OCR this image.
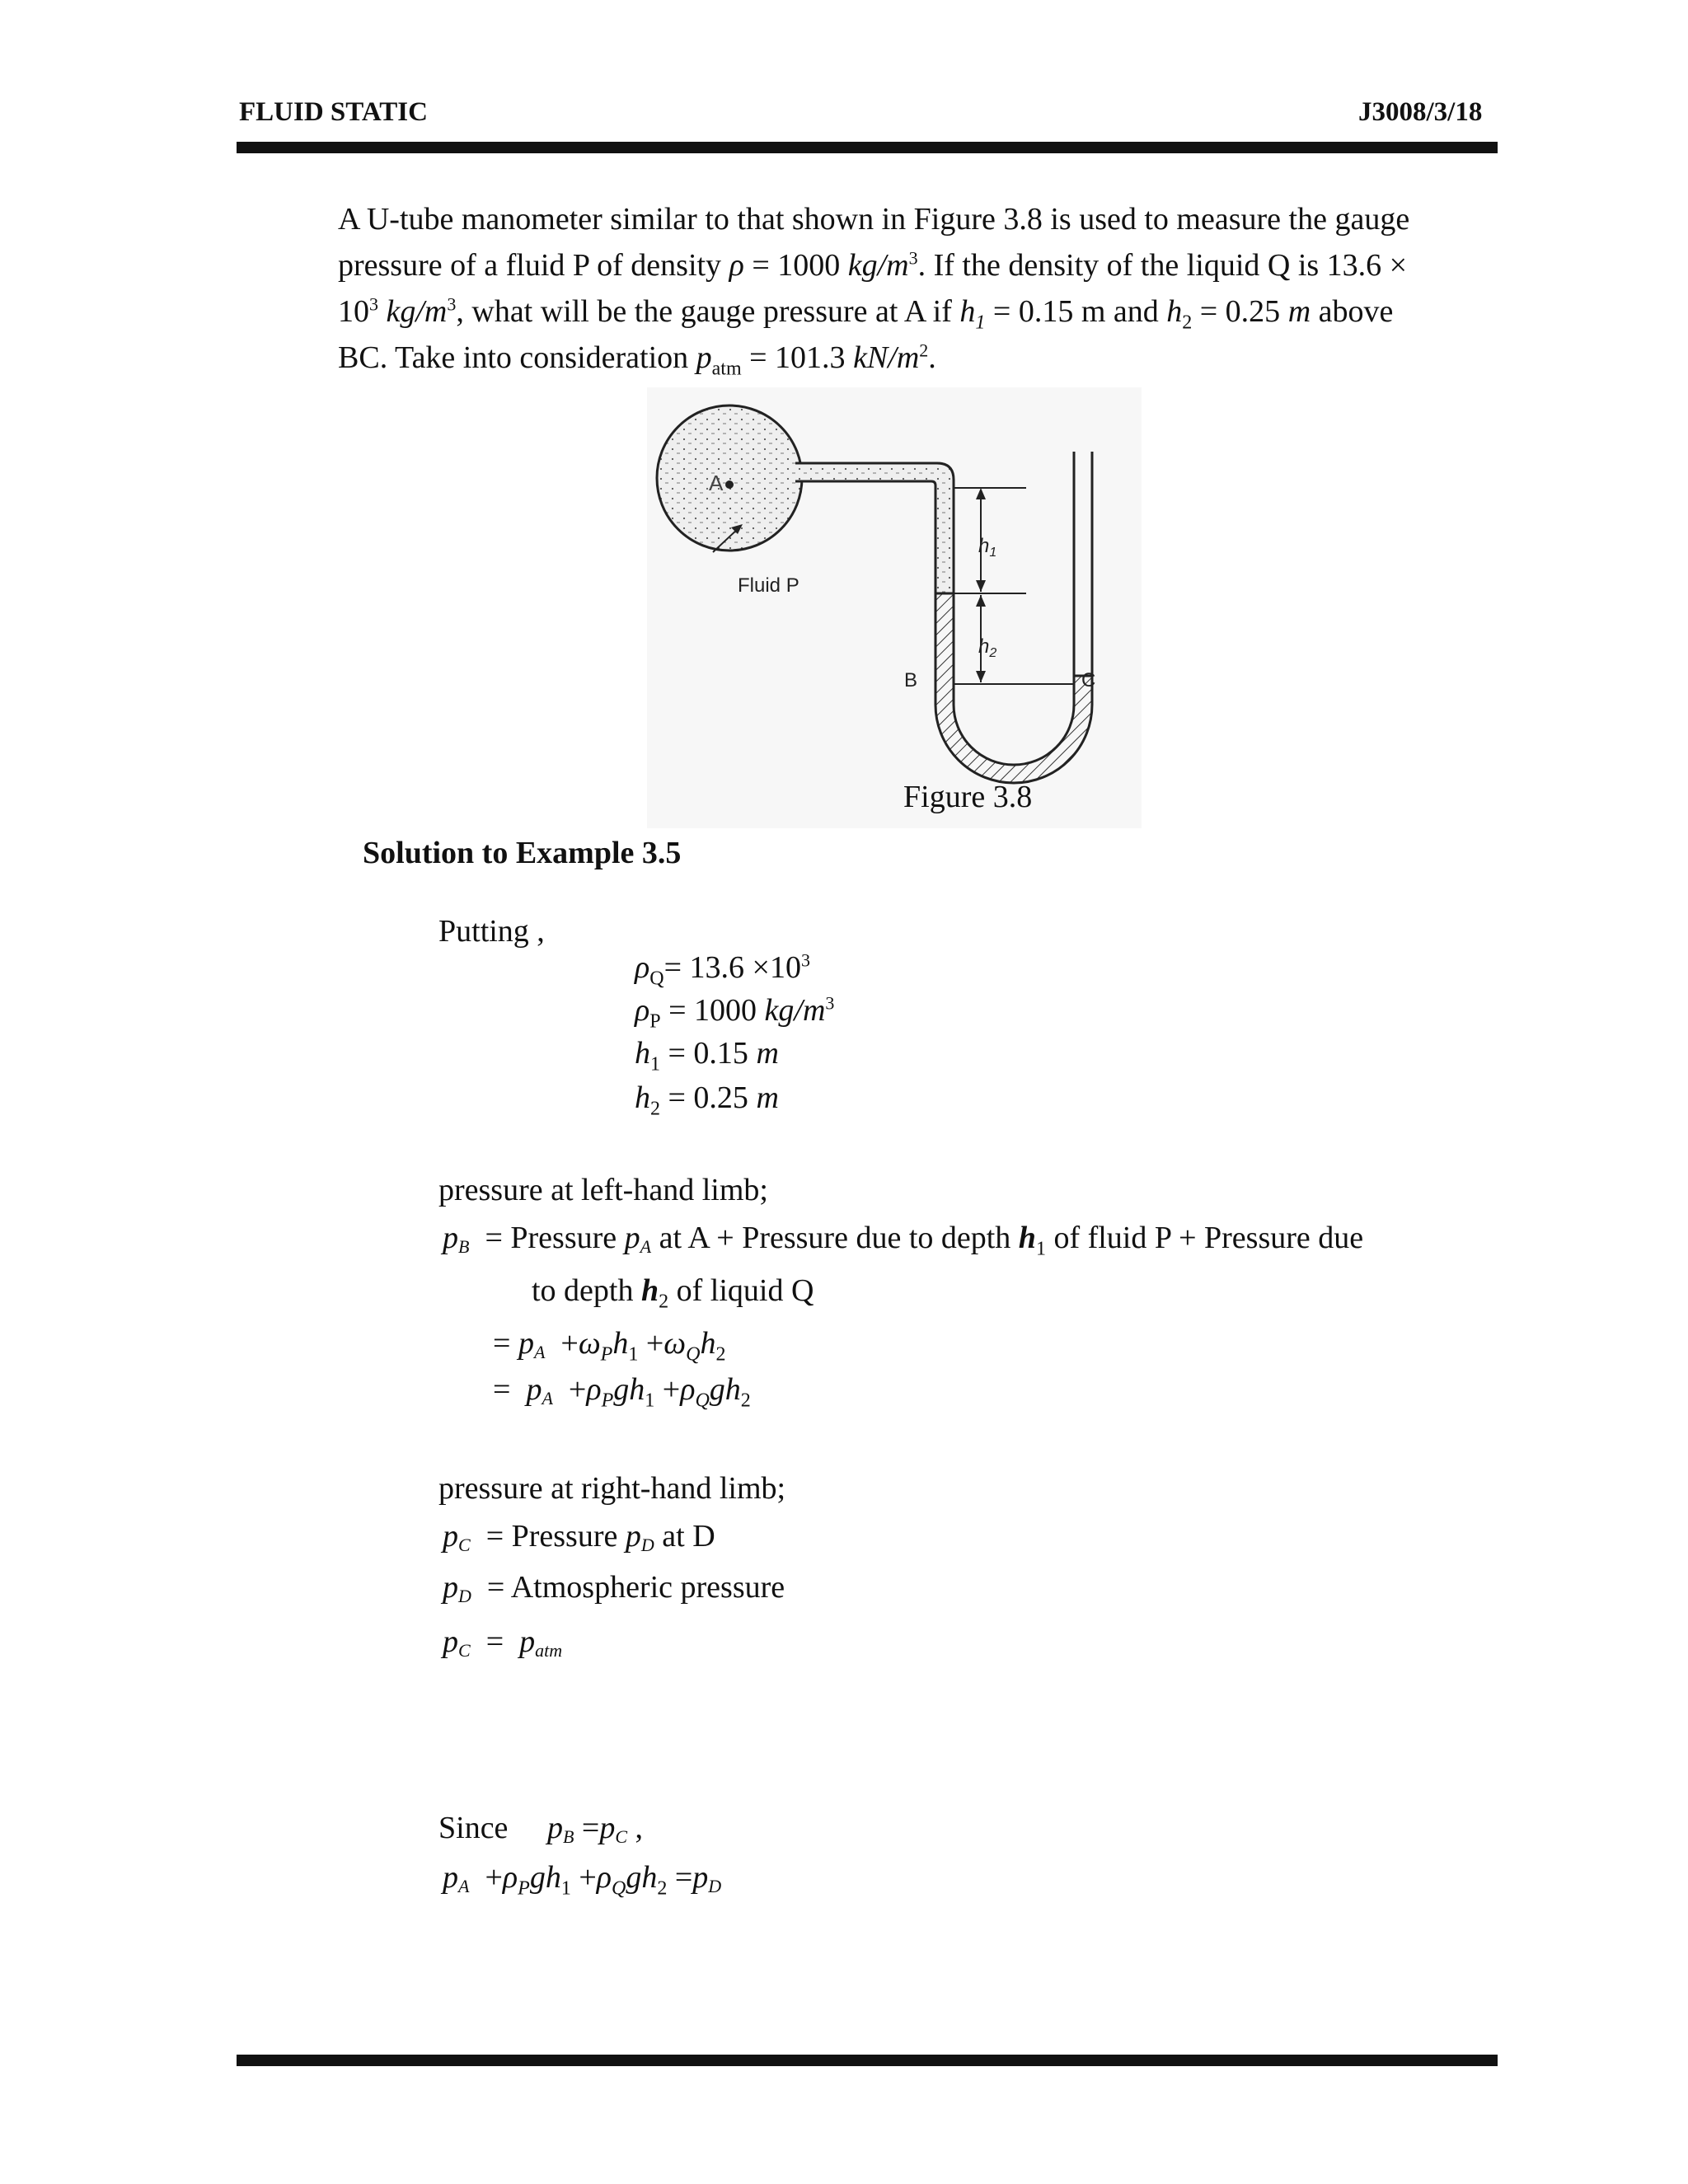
FLUID STATIC	J3008/3/18
A U-tube manometer similar to that shown in Figure 3.8 is used to measure the gauge
pressure of a fluid P of density ρ = 1000 $kg/m^3$. If the density of the liquid Q is 13.6 ×
$10^3$ $kg/m^3$, what will be the gauge pressure at A if $h_1 = 0.15$ m and $h_2 = 0.25$ m above
BC. Take into consideration $p_{atm} = 101.3$ $kN/m^2$.
A
Fluid P
B	C
$h_1$
$h_2$
Figure 3.8
Solution to Example 3.5
Putting ,
$\rho_Q= 13.6 \times 10^3$
$\rho_P = 1000$ $kg/m^3$
$h_1 = 0.15$ m
$h_2 = 0.25$ m
pressure at left-hand limb;
pB = Pressure pA at A + Pressure due to depth $h_1$ of fluid P + Pressure due
to depth $h_2$ of liquid Q
= pA  $+\omega_Ph_1 +\omega_Qh_2$
=  pA  $+\rho_Pgh_1 +\rho_Qgh_2$
pressure at right-hand limb;
pC = Pressure pD at D
pD = Atmospheric pressure
pC  =  patm
Since pB =pC ,
pA  $+\rho_Pgh_1 +\rho_Qgh_2 =pD$
